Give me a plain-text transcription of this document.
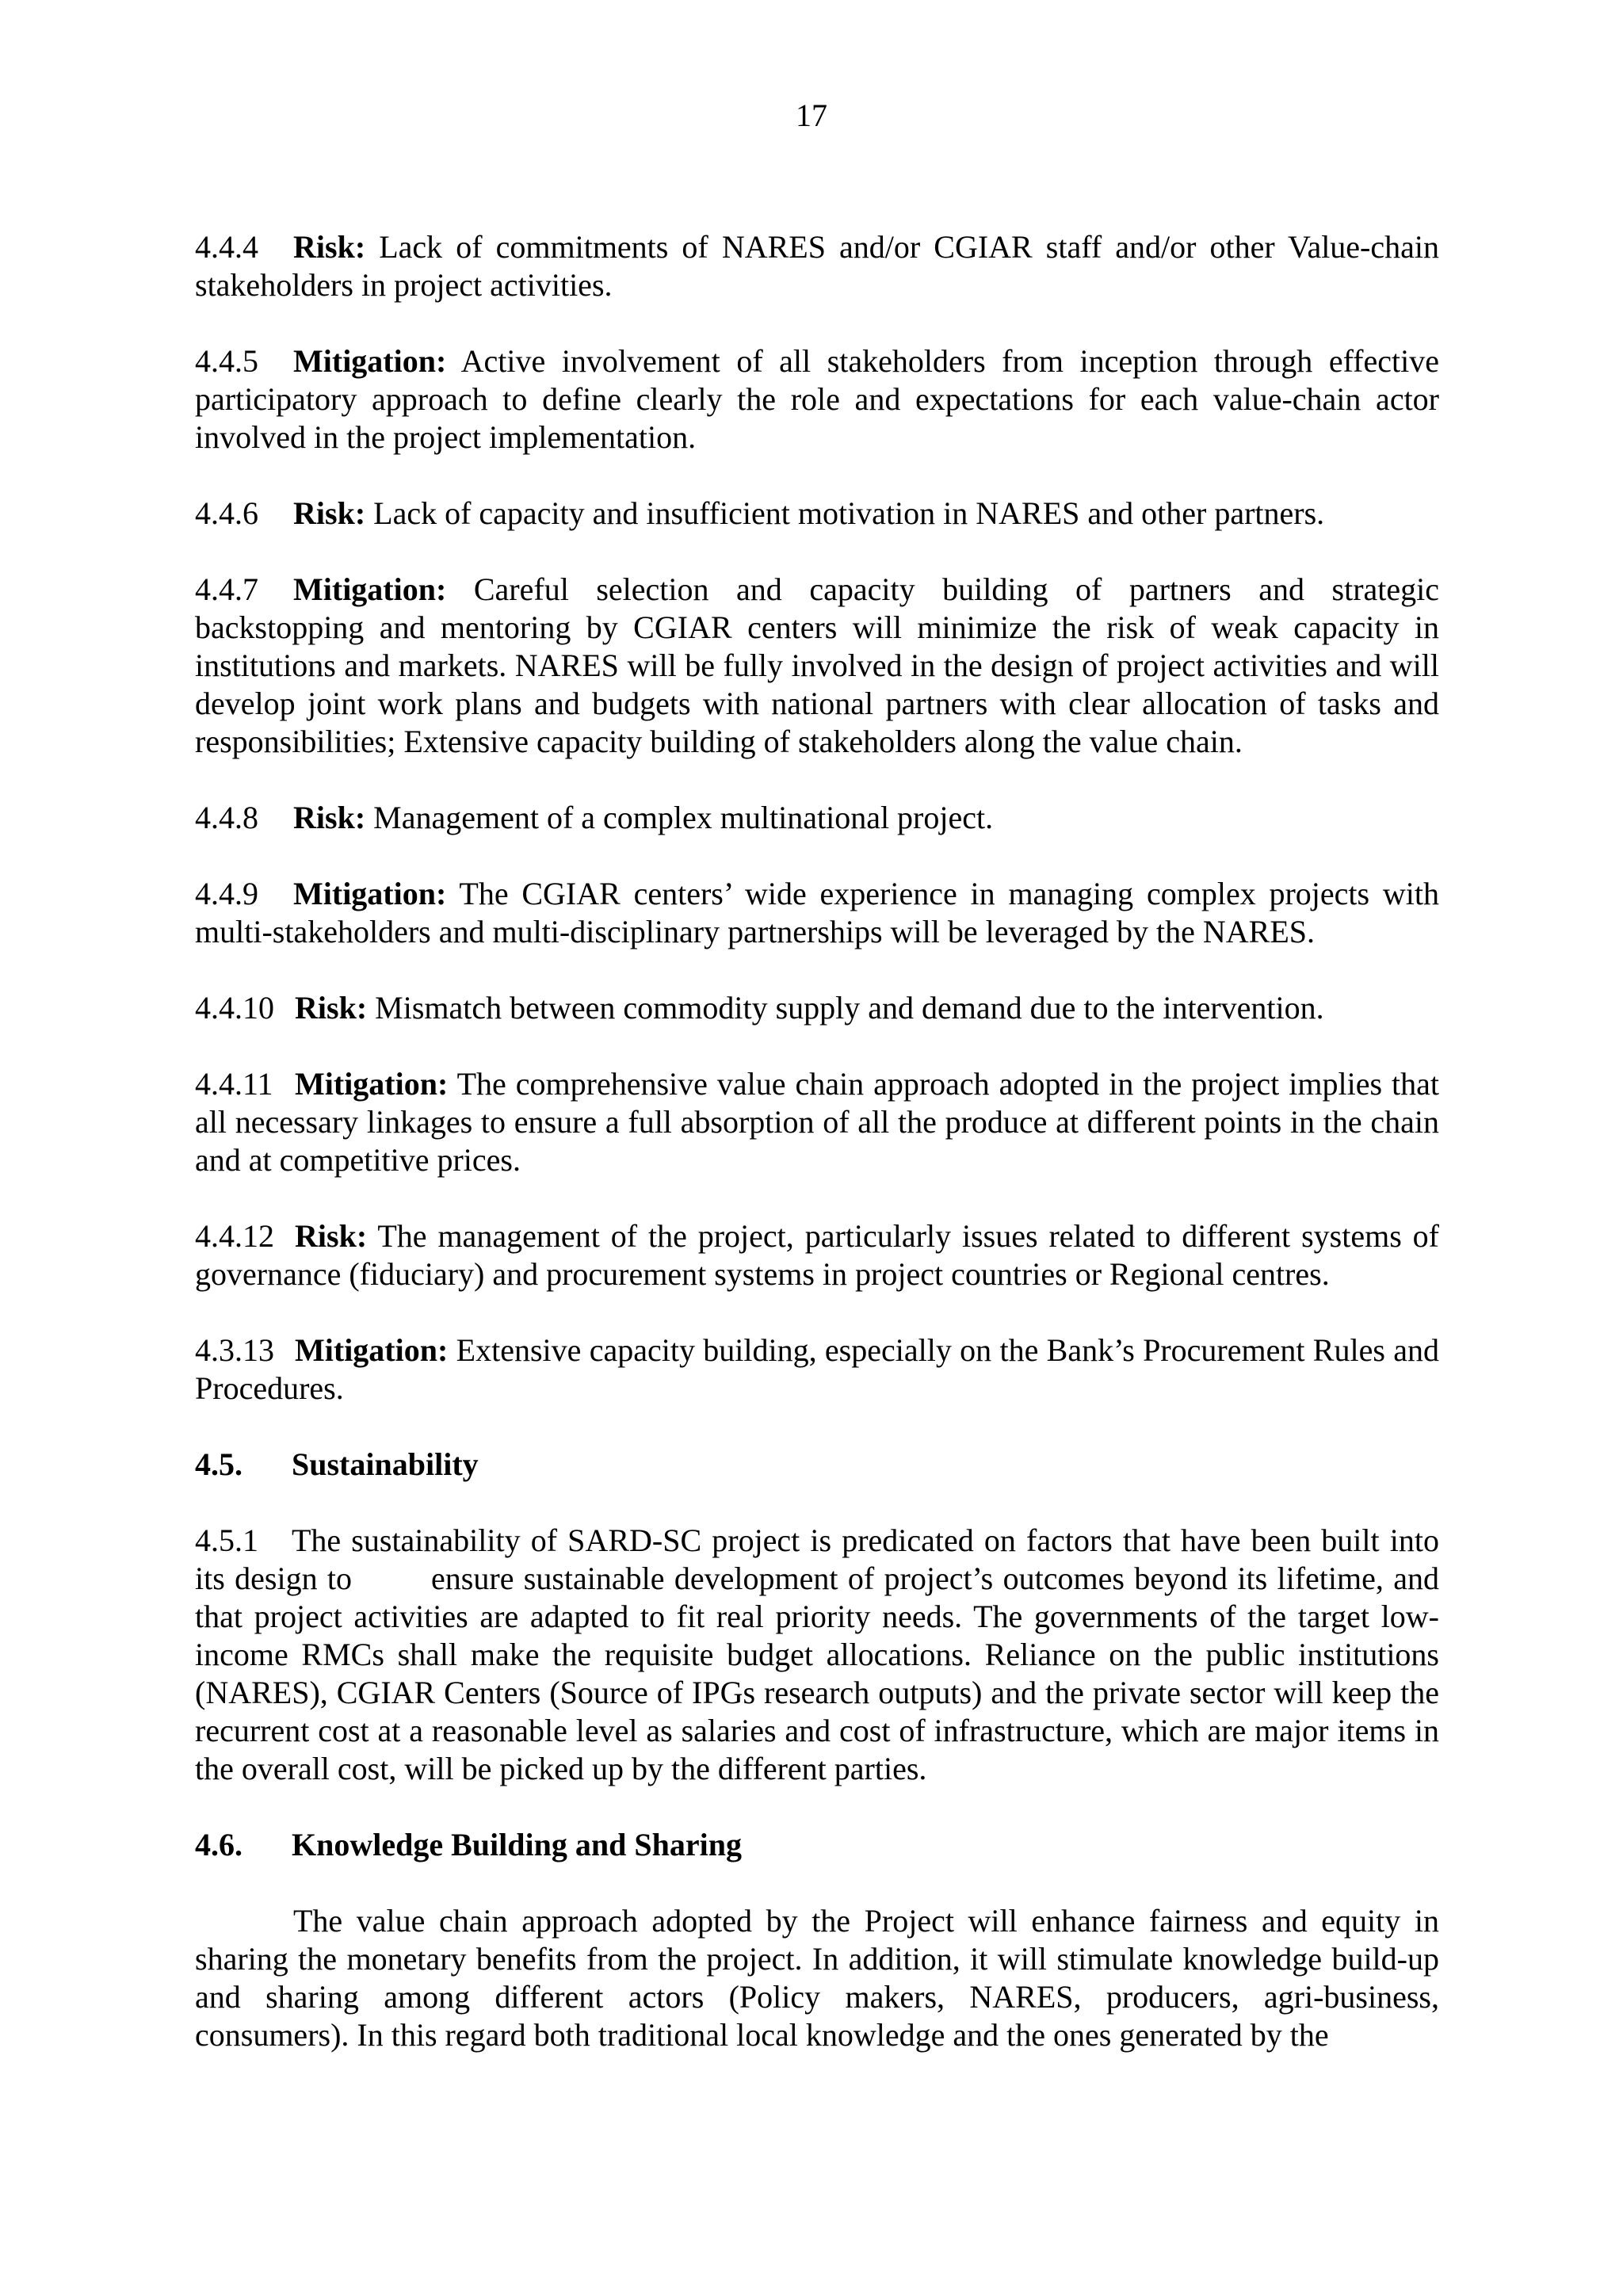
17

4.4.4 Risk: Lack of commitments of NARES and/or CGIAR staff and/or other Value-chain stakeholders in project activities.

4.4.5 Mitigation: Active involvement of all stakeholders from inception through effective participatory approach to define clearly the role and expectations for each value-chain actor involved in the project implementation.

4.4.6 Risk: Lack of capacity and insufficient motivation in NARES and other partners.

4.4.7 Mitigation: Careful selection and capacity building of partners and strategic backstopping and mentoring by CGIAR centers will minimize the risk of weak capacity in institutions and markets. NARES will be fully involved in the design of project activities and will develop joint work plans and budgets with national partners with clear allocation of tasks and responsibilities; Extensive capacity building of stakeholders along the value chain.

4.4.8 Risk: Management of a complex multinational project.

4.4.9 Mitigation: The CGIAR centers’ wide experience in managing complex projects with multi-stakeholders and multi-disciplinary partnerships will be leveraged by the NARES.

4.4.10 Risk: Mismatch between commodity supply and demand due to the intervention.

4.4.11 Mitigation: The comprehensive value chain approach adopted in the project implies that all necessary linkages to ensure a full absorption of all the produce at different points in the chain and at competitive prices.

4.4.12 Risk: The management of the project, particularly issues related to different systems of governance (fiduciary) and procurement systems in project countries or Regional centres.

4.3.13 Mitigation: Extensive capacity building, especially on the Bank’s Procurement Rules and Procedures.

4.5. Sustainability

4.5.1 The sustainability of SARD-SC project is predicated on factors that have been built into its design to	ensure sustainable development of project’s outcomes beyond its lifetime, and that project activities are adapted to fit real priority needs. The governments of the target low-income RMCs shall make the requisite budget allocations. Reliance on the public institutions (NARES), CGIAR Centers (Source of IPGs research outputs) and the private sector will keep the recurrent cost at a reasonable level as salaries and cost of infrastructure, which are major items in the overall cost, will be picked up by the different parties.

4.6. Knowledge Building and Sharing

The value chain approach adopted by the Project will enhance fairness and equity in sharing the monetary benefits from the project. In addition, it will stimulate knowledge build-up and sharing among different actors (Policy makers, NARES, producers, agri-business, consumers). In this regard both traditional local knowledge and the ones generated by the
